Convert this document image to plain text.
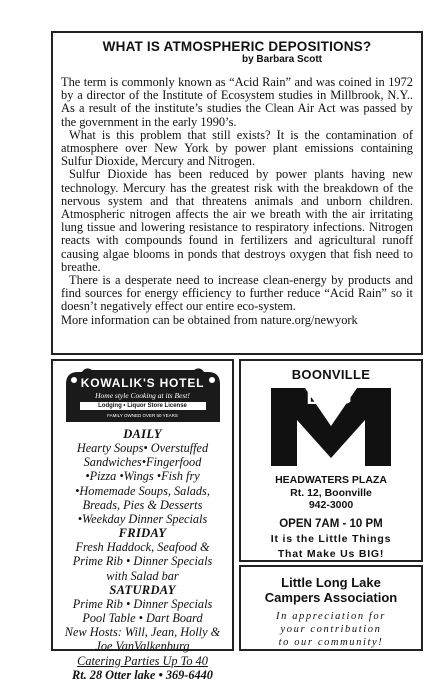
WHAT IS ATMOSPHERIC DEPOSITIONS?
by Barbara Scott

The term is commonly known as “Acid Rain” and was coined in 1972 by a director of the Institute of Ecosystem studies in Millbrook, N.Y.. As a result of the institute’s studies the Clean Air Act was passed by the government in the early 1990’s.

What is this problem that still exists? It is the contamination of atmosphere over New York by power plant emissions containing Sulfur Dioxide, Mercury and Nitrogen.

Sulfur Dioxide has been reduced by power plants having new technology. Mercury has the greatest risk with the breakdown of the nervous system and that threatens animals and unborn children. Atmospheric nitrogen affects the air we breath with the air irritating lung tissue and lowering resistance to respiratory infections. Nitrogen reacts with compounds found in fertilizers and agricultural runoff causing algae blooms in ponds that destroys oxygen that fish need to breathe.

There is a desperate need to increase clean-energy by products and find sources for energy efficiency to further reduce “Acid Rain” so it doesn’t negatively effect our entire eco-system.

More information can be obtained from nature.org/newyork

KOWALIK'S HOTEL
Home style Cooking at its Best!
Lodging • Liquor Store License
FAMILY OWNED OVER 50 YEARS
DAILY
Hearty Soups• Overstuffed
Sandwiches•Fingerfood
•Pizza •Wings •Fish fry
•Homemade Soups, Salads,
Breads, Pies & Desserts
•Weekday Dinner Specials
FRIDAY
Fresh Haddock, Seafood &
Prime Rib • Dinner Specials
with Salad bar
SATURDAY
Prime Rib • Dinner Specials
Pool Table • Dart Board
New Hosts: Will, Jean, Holly &
Joe VanValkenburg
Catering Parties Up To 40
Rt. 28 Otter lake • 369-6440
BOONVILLE
BIG
HEADWATERS PLAZA
Rt. 12, Boonville
942-3000
OPEN 7AM - 10 PM
It is the Little Things
That Make Us BIG!
Little Long Lake
Campers Association
In appreciation for
your contribution
to our community!
